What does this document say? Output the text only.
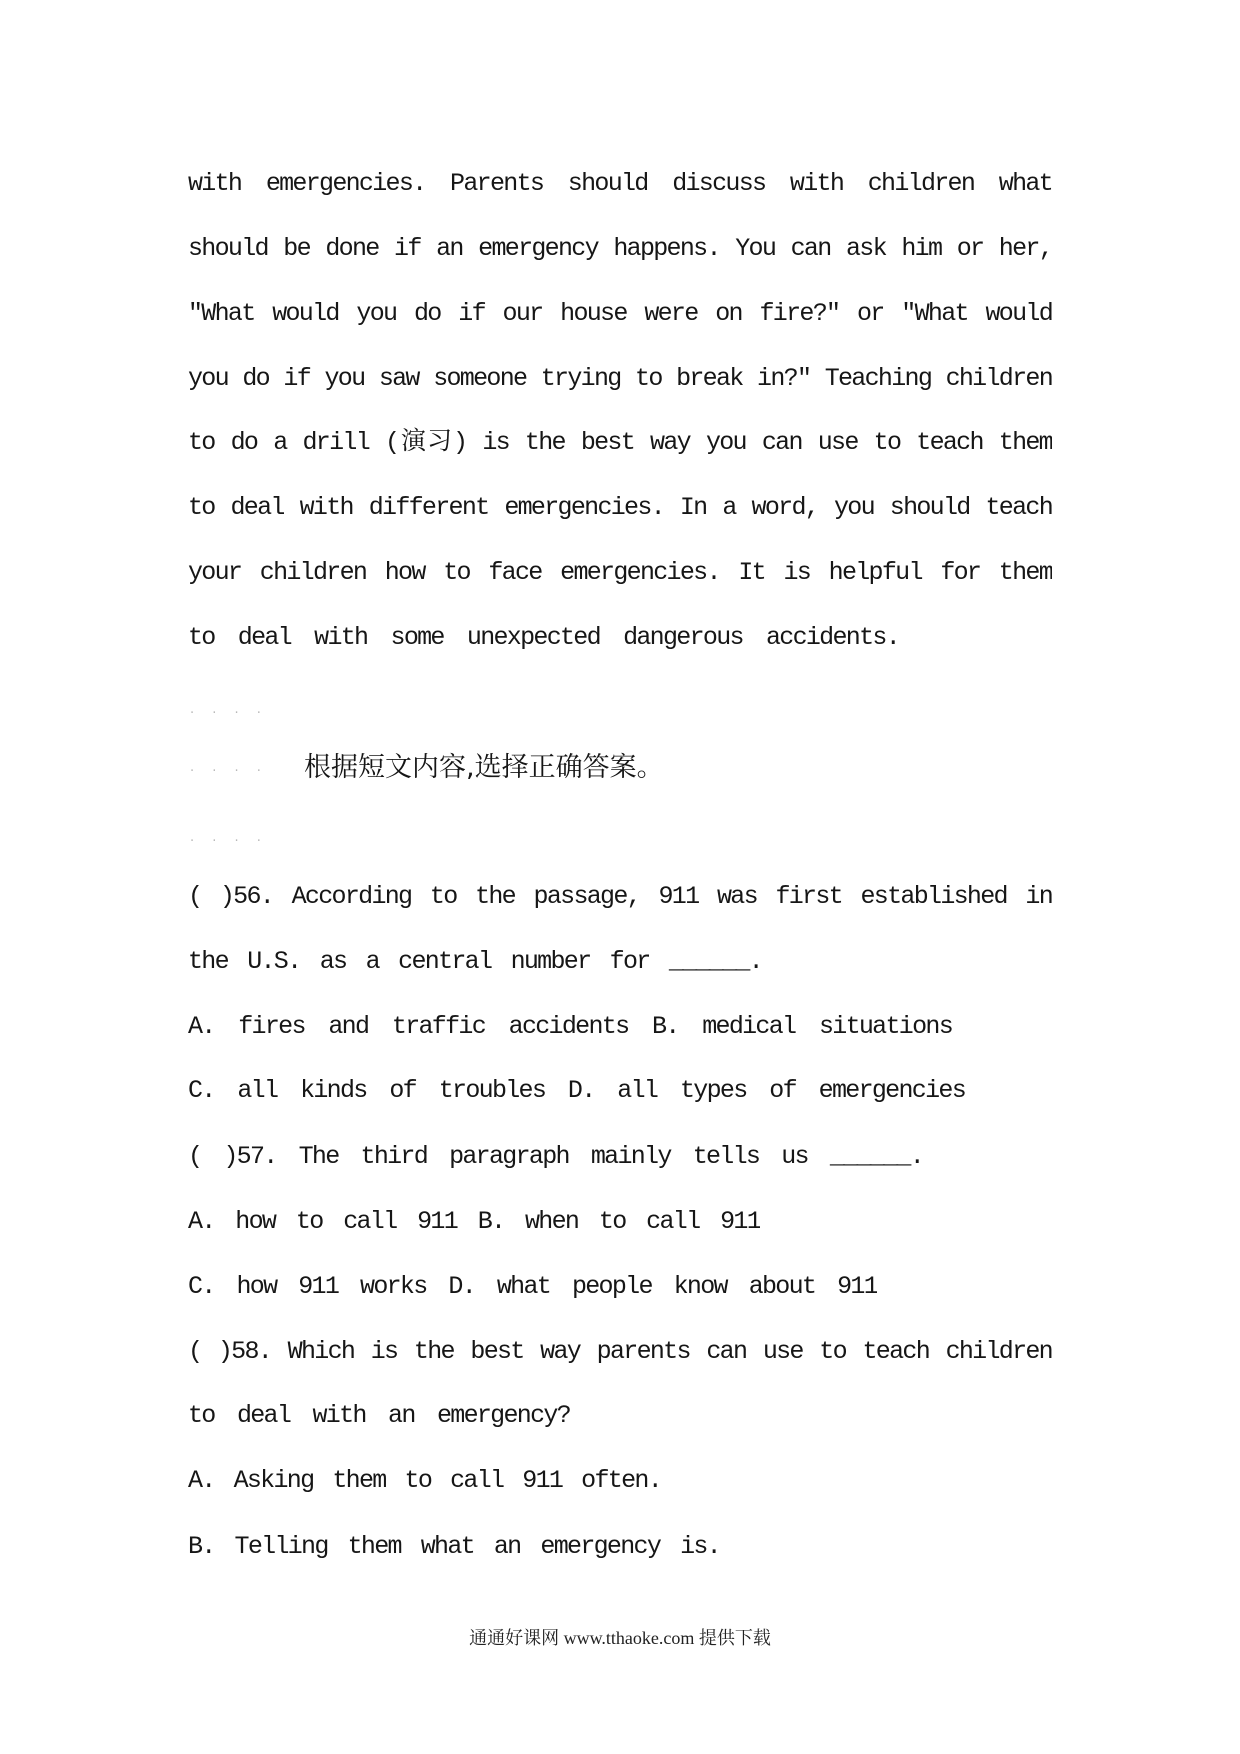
with emergencies. Parents should discuss with children what
should be done if an emergency happens. You can ask him or her,
"What would you do if our house were on fire?" or "What would
you do if you saw someone trying to break in?" Teaching children
to do a drill (演习) is the best way you can use to teach them
to deal with different emergencies. In a word, you should teach
your children how to face emergencies. It is helpful for them
to deal with some unexpected dangerous accidents.
. . . .
. . . . 根据短文内容,选择正确答案。
. . . .
( )56. According to the passage, 911 was first established in
the U.S. as a central number for ______.
A. fires and traffic accidents B. medical situations
C. all kinds of troubles D. all types of emergencies
( )57. The third paragraph mainly tells us ______.
A. how to call 911 B. when to call 911
C. how 911 works D. what people know about 911
( )58. Which is the best way parents can use to teach children
to deal with an emergency?
A. Asking them to call 911 often.
B. Telling them what an emergency is.
通通好课网 www.tthaoke.com 提供下载
